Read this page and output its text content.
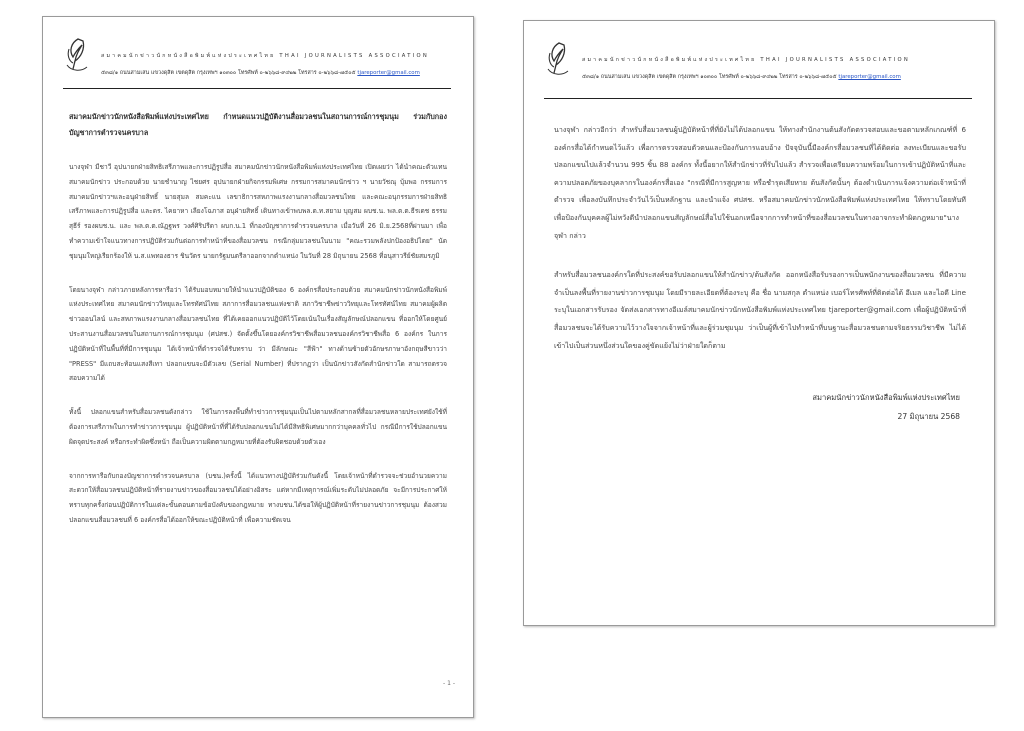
สมาคมนักข่าวนักหนังสือพิมพ์แห่งประเทศไทย THAI JOURNALISTS ASSOCIATION
๕๓๘/๑ ถนนสามเสน แขวงดุสิต เขตดุสิต กรุงเทพฯ ๑๐๓๐๐ โทรศัพท์ ๐-๒๖๖๘-๙๔๒๒ โทรสาร ๐-๒๖๖๘-๗๕๐๕ tjareporter@gmail.com
สมาคมนักข่าวนักหนังสือพิมพ์แห่งประเทศไทย กำหนดแนวปฏิบัติงานสื่อมวลชนในสถานการณ์การชุมนุม ร่วมกับกองบัญชาการตำรวจนครบาล

นางจุฬา มีชาวี อุปนายกฝ่ายสิทธิเสรีภาพและการปฏิรูปสื่อ สมาคมนักข่าวนักหนังสือพิมพ์แห่งประเทศไทย เปิดเผยว่า ได้นำคณะตัวแทนสมาคมนักข่าว ประกอบด้วย นายชำนาญ ไชยศร อุปนายกฝ่ายกิจกรรมพิเศษ กรรมการสมาคมนักข่าว ฯ นายวัชณุ บุ้มพอ กรรมการสมาคมนักข่าวฯและอนุฝ่ายสิทธิ์ นายสุมล สมคะแน เลขาธิการสหภาพแรงงานกลางสื่อมวลชนไทย และคณะอนุกรรมการฝ่ายสิทธิเสรีภาพและการปฏิรูปสื่อ และดร. ไคยาหา เลียงโฉภาส อนุฝ่ายสิทธิ์ เดินทางเข้าพบพล.ต.ท.สยาม บุญสม ผบช.น. พล.ต.ต.ธีรเดช ธรรมสุธีร์ รองผบช.น. และ พล.ต.ต.ณัฏฐพร วงศ์ศิริปรีดา ผบก.น.1 ที่กองบัญชาการตำรวจนครบาล เมื่อวันที่ 26 มิ.ย.2568ที่ผ่านมา เพื่อทำความเข้าใจแนวทางการปฏิบัติร่วมกันต่อการทำหน้าที่ของสื่อมวลชน กรณีกลุ่มมวลชนในนาม "คณะรวมพลังปกป้องอธิปไตย" นัดชุมนุมใหญ่เรียกร้องให้ น.ส.แพทองธาร ชินวัตร นายกรัฐมนตรีลาออกจากตำแหน่ง ในวันที่ 28 มิถุนายน 2568 ที่อนุสาวรีย์ชัยสมรภูมิ

โดยนางจุฬา กล่าวภายหลังการหารือว่า ได้รับมอบหมายให้นำแนวปฏิบัติของ 6 องค์กรสื่อประกอบด้วย สมาคมนักข่าวนักหนังสือพิมพ์แห่งประเทศไทย สมาคมนักข่าววิทยุและโทรทัศน์ไทย สภาการสื่อมวลชนแห่งชาติ สภาวิชาชีพข่าววิทยุและโทรทัศน์ไทย สมาคมผู้ผลิตข่าวออนไลน์ และสหภาพแรงงานกลางสื่อมวลชนไทย ที่ได้เคยออกแนวปฏิบัติไว้โดยเน้นในเรื่องสัญลักษณ์ปลอกแขน ที่ออกให้โดยศูนย์ประสานงานสื่อมวลชนในสถานการณ์การชุมนุม (ศปสช.) จัดตั้งขึ้นโดยองค์กรวิชาชีพสื่อมวลชนองค์กรวิชาชีพสื่อ 6 องค์กร ในการปฏิบัติหน้าที่ในพื้นที่ที่มีการชุมนุม ได้เจ้าหน้าที่ตำรวจได้รับทราบ ว่า มีลักษณะ "สีฟ้า" ทางด้านซ้ายตัวอักษรภาษาอังกฤษสีขาวว่า "PRESS" มีแถบสะท้อนแสงสีเทา ปลอกแขนจะมีตัวเลข (Serial Number) ที่ปรากฏว่า เป็นนักข่าวสังกัดสำนักข่าวใด สามารถตรวจสอบความได้

ทั้งนี้ ปลอกแขนสำหรับสื่อมวลชนดังกล่าว ใช้ในการลงพื้นที่ทำข่าวการชุมนุมเป็นไปตามหลักสากลที่สื่อมวลชนหลายประเทศยังใช้ที่ต้องการเสรีภาพในการทำข่าวการชุมนุม ผู้ปฏิบัติหน้าที่ที่ได้รับปลอกแขนไม่ได้มีสิทธิพิเศษมากกว่าบุคคลทั่วไป กรณีมีการใช้ปลอกแขนผิดจุดประสงค์ หรือกระทำผิดซึ่งหน้า ถือเป็นความผิดตามกฎหมายที่ต้องรับผิดชอบด้วยตัวเอง

จากการหารือกับกองบัญชาการตำรวจนครบาล (บชน.)ครั้งนี้ ได้แนวทางปฏิบัติร่วมกันดังนี้ โดยเจ้าหน้าที่ตำรวจจะช่วยอำนวยความสะดวกให้สื่อมวลชนปฏิบัติหน้าที่รายงานข่าวของสื่อมวลชนได้อย่างอิสระ แต่หากมีเหตุการณ์เพิ่มระดับไม่ปลอดภัย จะมีการประกาศให้ทราบทุกครั้งก่อนปฏิบัติการในแต่ละขั้นตอนตามข้อบังคับของกฎหมาย ทางบชน.ได้ขอให้ผู้ปฏิบัติหน้าที่รายงานข่าวการชุมนุม ต้องสวมปลอกแขนสื่อมวลชนที่ 6 องค์กรสื่อได้ออกให้ขณะปฏิบัติหน้าที่ เพื่อความชัดเจน

- 1 -
สมาคมนักข่าวนักหนังสือพิมพ์แห่งประเทศไทย THAI JOURNALISTS ASSOCIATION
๕๓๘/๑ ถนนสามเสน แขวงดุสิต เขตดุสิต กรุงเทพฯ ๑๐๓๐๐ โทรศัพท์ ๐-๒๖๖๘-๙๔๒๒ โทรสาร ๐-๒๖๖๘-๗๕๐๕ tjareporter@gmail.com

นางจุฬา กล่าวอีกว่า สำหรับสื่อมวลชนผู้ปฏิบัติหน้าที่ที่ยังไม่ได้ปลอกแขน ให้ทางสำนักงานต้นสังกัดตรวจสอบและขอตามหลักเกณฑ์ที่ 6 องค์กรสื่อได้กำหนดไว้แล้ว เพื่อการตรวจสอบตัวตนและป้องกันการแอบอ้าง ปัจจุบันนี้มีองค์กรสื่อมวลชนที่ได้ติดต่อ ลงทะเบียนและขอรับปลอกแขนไปแล้วจำนวน 995 ชิ้น 88 องค์กร ทั้งนี้อยากให้สำนักข่าวที่รับไปแล้ว สำรวจเพื่อเตรียมความพร้อมในการเข้าปฏิบัติหน้าที่และความปลอดภัยของบุคลากรในองค์กรสื่อเอง "กรณีที่มีการสูญหาย หรือชำรุดเสียหาย ต้นสังกัดนั้นๆ ต้องดำเนินการแจ้งความต่อเจ้าหน้าที่ตำรวจ เพื่อลงบันทึกประจำวันไว้เป็นหลักฐาน และนำแจ้ง ศปสช. หรือสมาคมนักข่าวนักหนังสือพิมพ์แห่งประเทศไทย ให้ทราบโดยทันที เพื่อป้องกันบุคคลผู้ไม่หวังดีนำปลอกแขนสัญลักษณ์สื่อไปใช้นอกเหนือจากการทำหน้าที่ของสื่อมวลชนในทางอาจกระทำผิดกฎหมาย"นางจุฬา กล่าว

สำหรับสื่อมวลชนองค์กรใดที่ประสงค์ขอรับปลอกแขนให้สำนักข่าว/ต้นสังกัด ออกหนังสือรับรองการเป็นพนักงานของสื่อมวลชน ที่มีความจำเป็นลงพื้นที่รายงานข่าวการชุมนุม โดยมีรายละเอียดที่ต้องระบุ คือ ชื่อ นามสกุล ตำแหน่ง เบอร์โทรศัพท์ที่ติดต่อได้ อีเมล และไอดี Line ระบุในเอกสารรับรอง จัดส่งเอกสารทางอีเมล์สมาคมนักข่าวนักหนังสือพิมพ์แห่งประเทศไทย tjareporter@gmail.com เพื่อผู้ปฏิบัติหน้าที่สื่อมวลชนจะได้รับความไว้วางใจจากเจ้าหน้าที่และผู้ร่วมชุมนุม ว่าเป็นผู้ที่เข้าไปทำหน้าที่บนฐานะสื่อมวลชนตามจริยธรรมวิชาชีพ ไม่ได้เข้าไปเป็นส่วนหนึ่งส่วนใดของคู่ขัดแย้งไม่ว่าฝ่ายใดก็ตาม

สมาคมนักข่าวนักหนังสือพิมพ์แห่งประเทศไทย
27 มิถุนายน 2568
